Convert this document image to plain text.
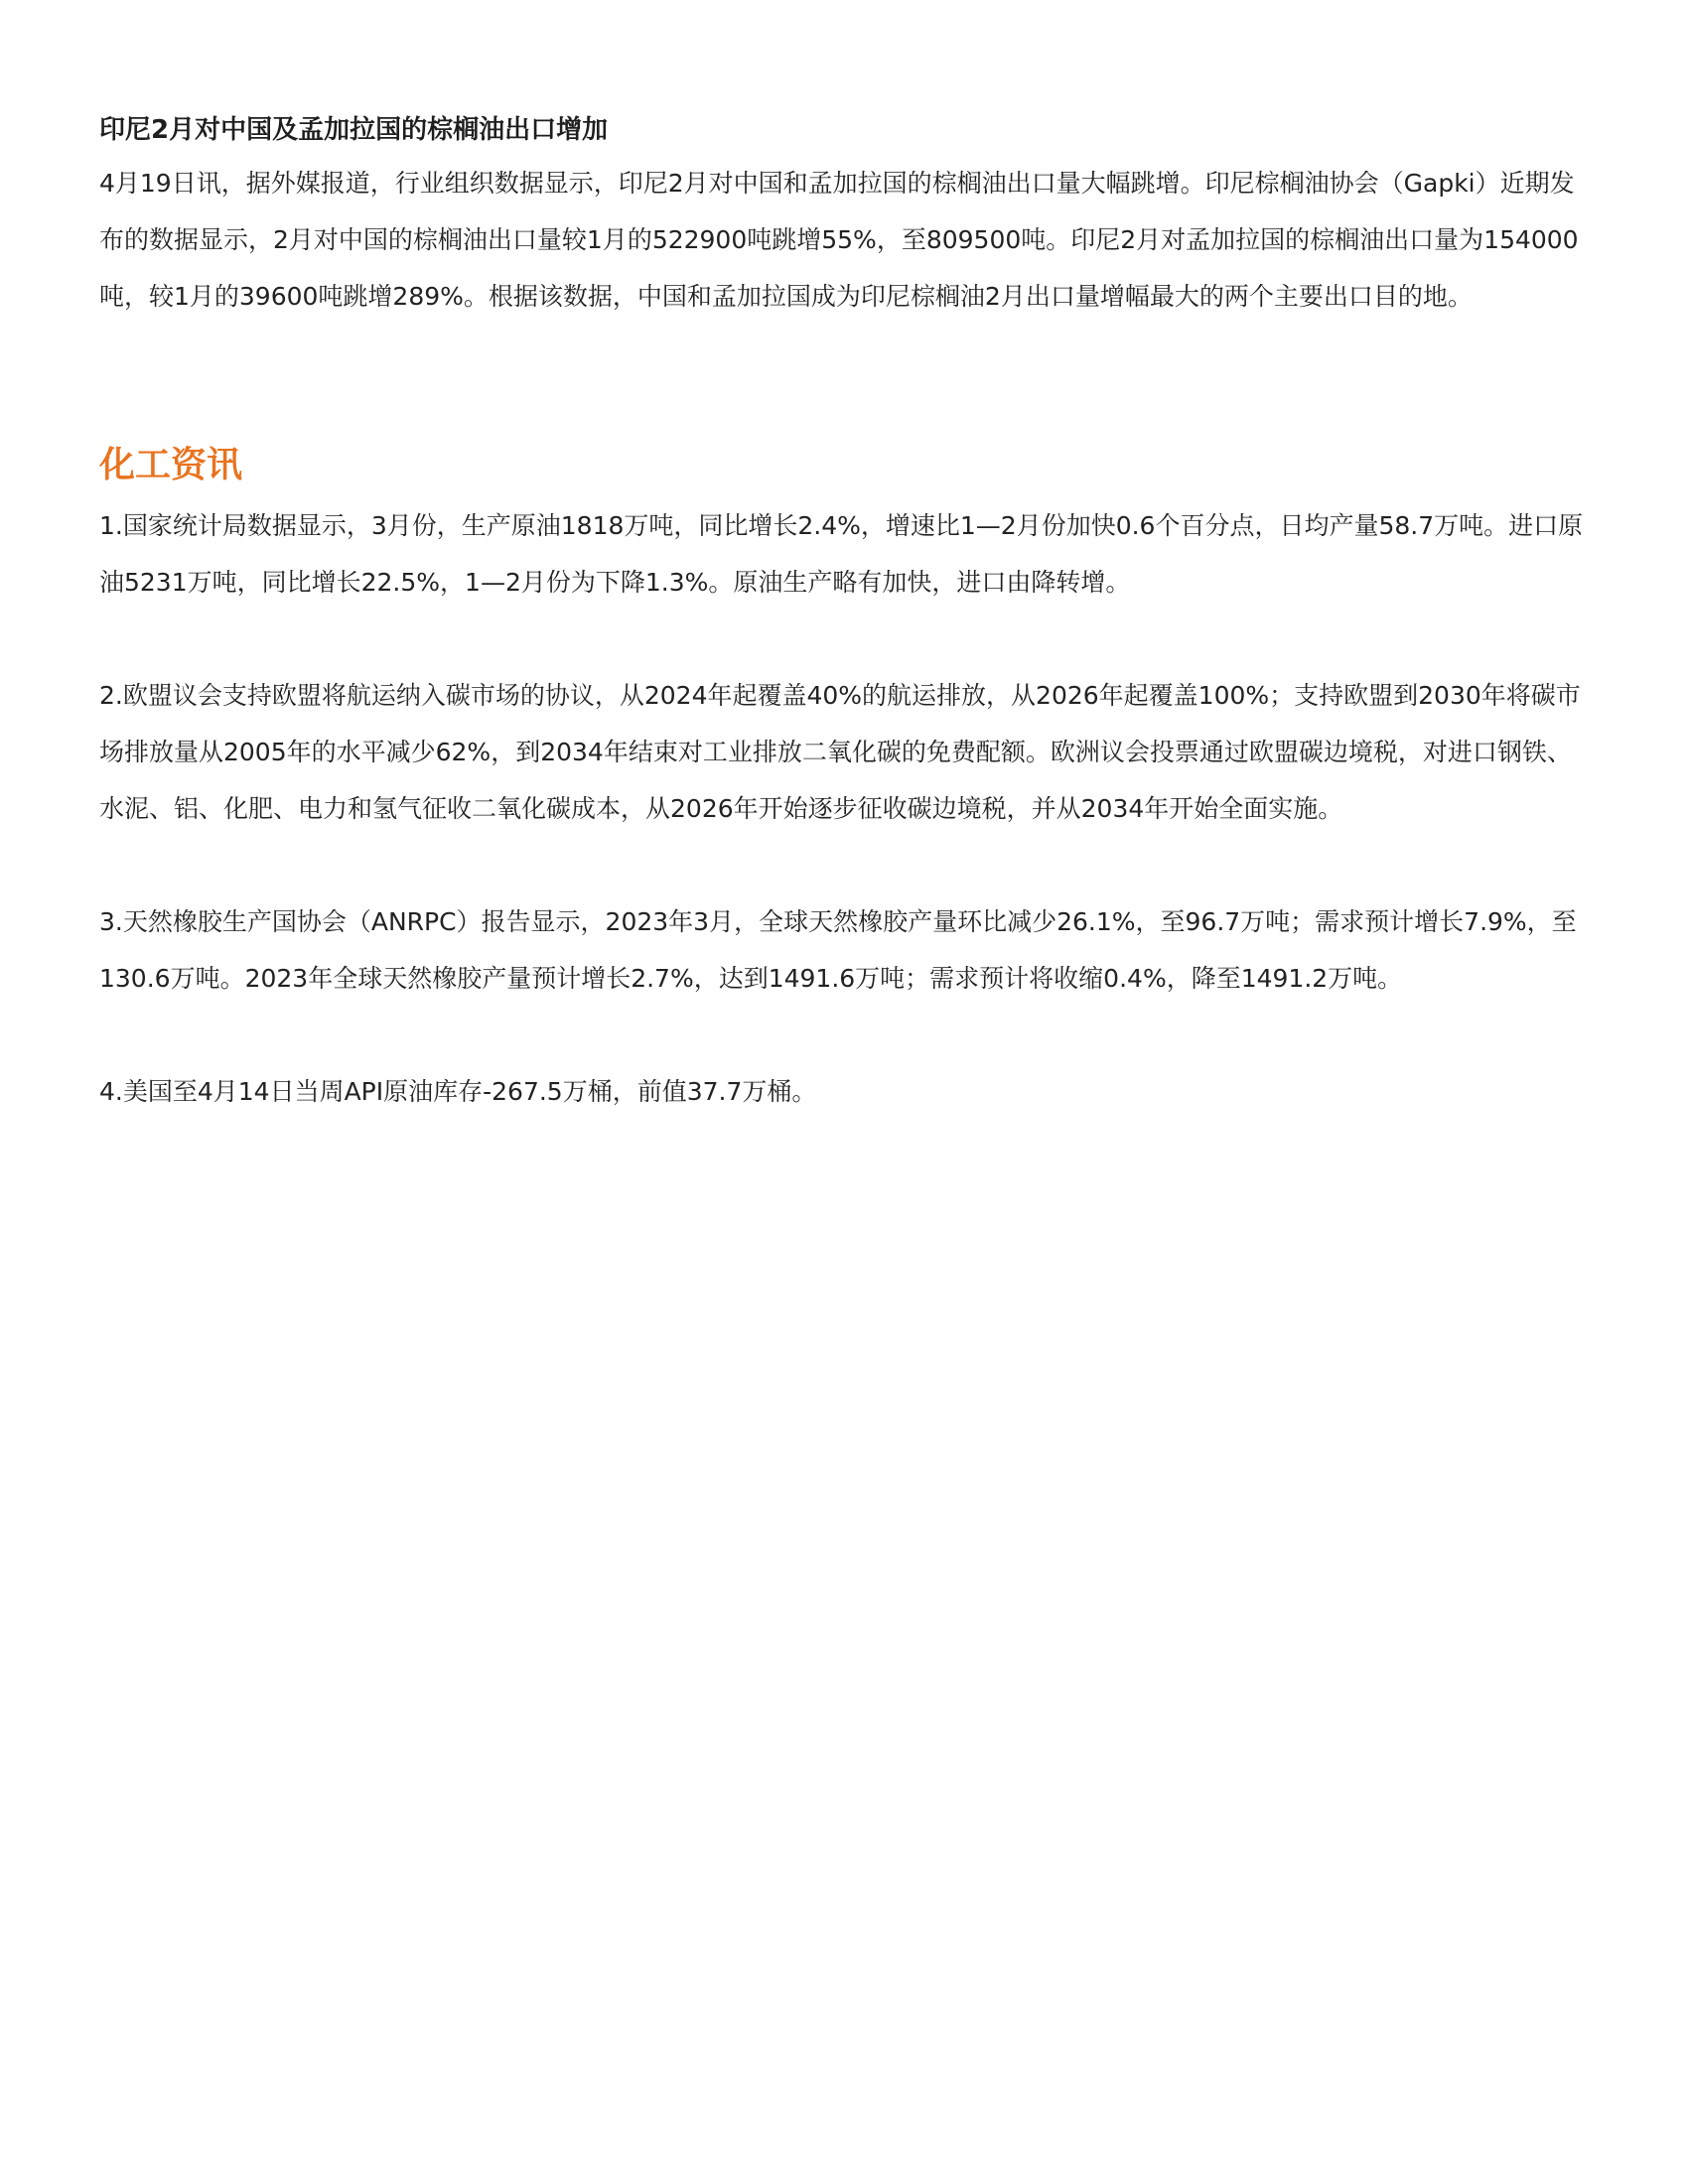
印尼2月对中国及孟加拉国的棕榈油出口增加

4月19日讯，据外媒报道，行业组织数据显示，印尼2月对中国和孟加拉国的棕榈油出口量大幅跳增。印尼棕榈油协会（Gapki）近期发布的数据显示，2月对中国的棕榈油出口量较1月的522900吨跳增55%，至809500吨。印尼2月对孟加拉国的棕榈油出口量为154000吨，较1月的39600吨跳增289%。根据该数据，中国和孟加拉国成为印尼棕榈油2月出口量增幅最大的两个主要出口目的地。

化工资讯

1.国家统计局数据显示，3月份，生产原油1818万吨，同比增长2.4%，增速比1—2月份加快0.6个百分点，日均产量58.7万吨。进口原油5231万吨，同比增长22.5%，1—2月份为下降1.3%。原油生产略有加快，进口由降转增。

2.欧盟议会支持欧盟将航运纳入碳市场的协议，从2024年起覆盖40%的航运排放，从2026年起覆盖100%；支持欧盟到2030年将碳市场排放量从2005年的水平减少62%，到2034年结束对工业排放二氧化碳的免费配额。欧洲议会投票通过欧盟碳边境税，对进口钢铁、水泥、铝、化肥、电力和氢气征收二氧化碳成本，从2026年开始逐步征收碳边境税，并从2034年开始全面实施。

3.天然橡胶生产国协会（ANRPC）报告显示，2023年3月，全球天然橡胶产量环比减少26.1%，至96.7万吨；需求预计增长7.9%，至130.6万吨。2023年全球天然橡胶产量预计增长2.7%，达到1491.6万吨；需求预计将收缩0.4%，降至1491.2万吨。

4.美国至4月14日当周API原油库存-267.5万桶，前值37.7万桶。
